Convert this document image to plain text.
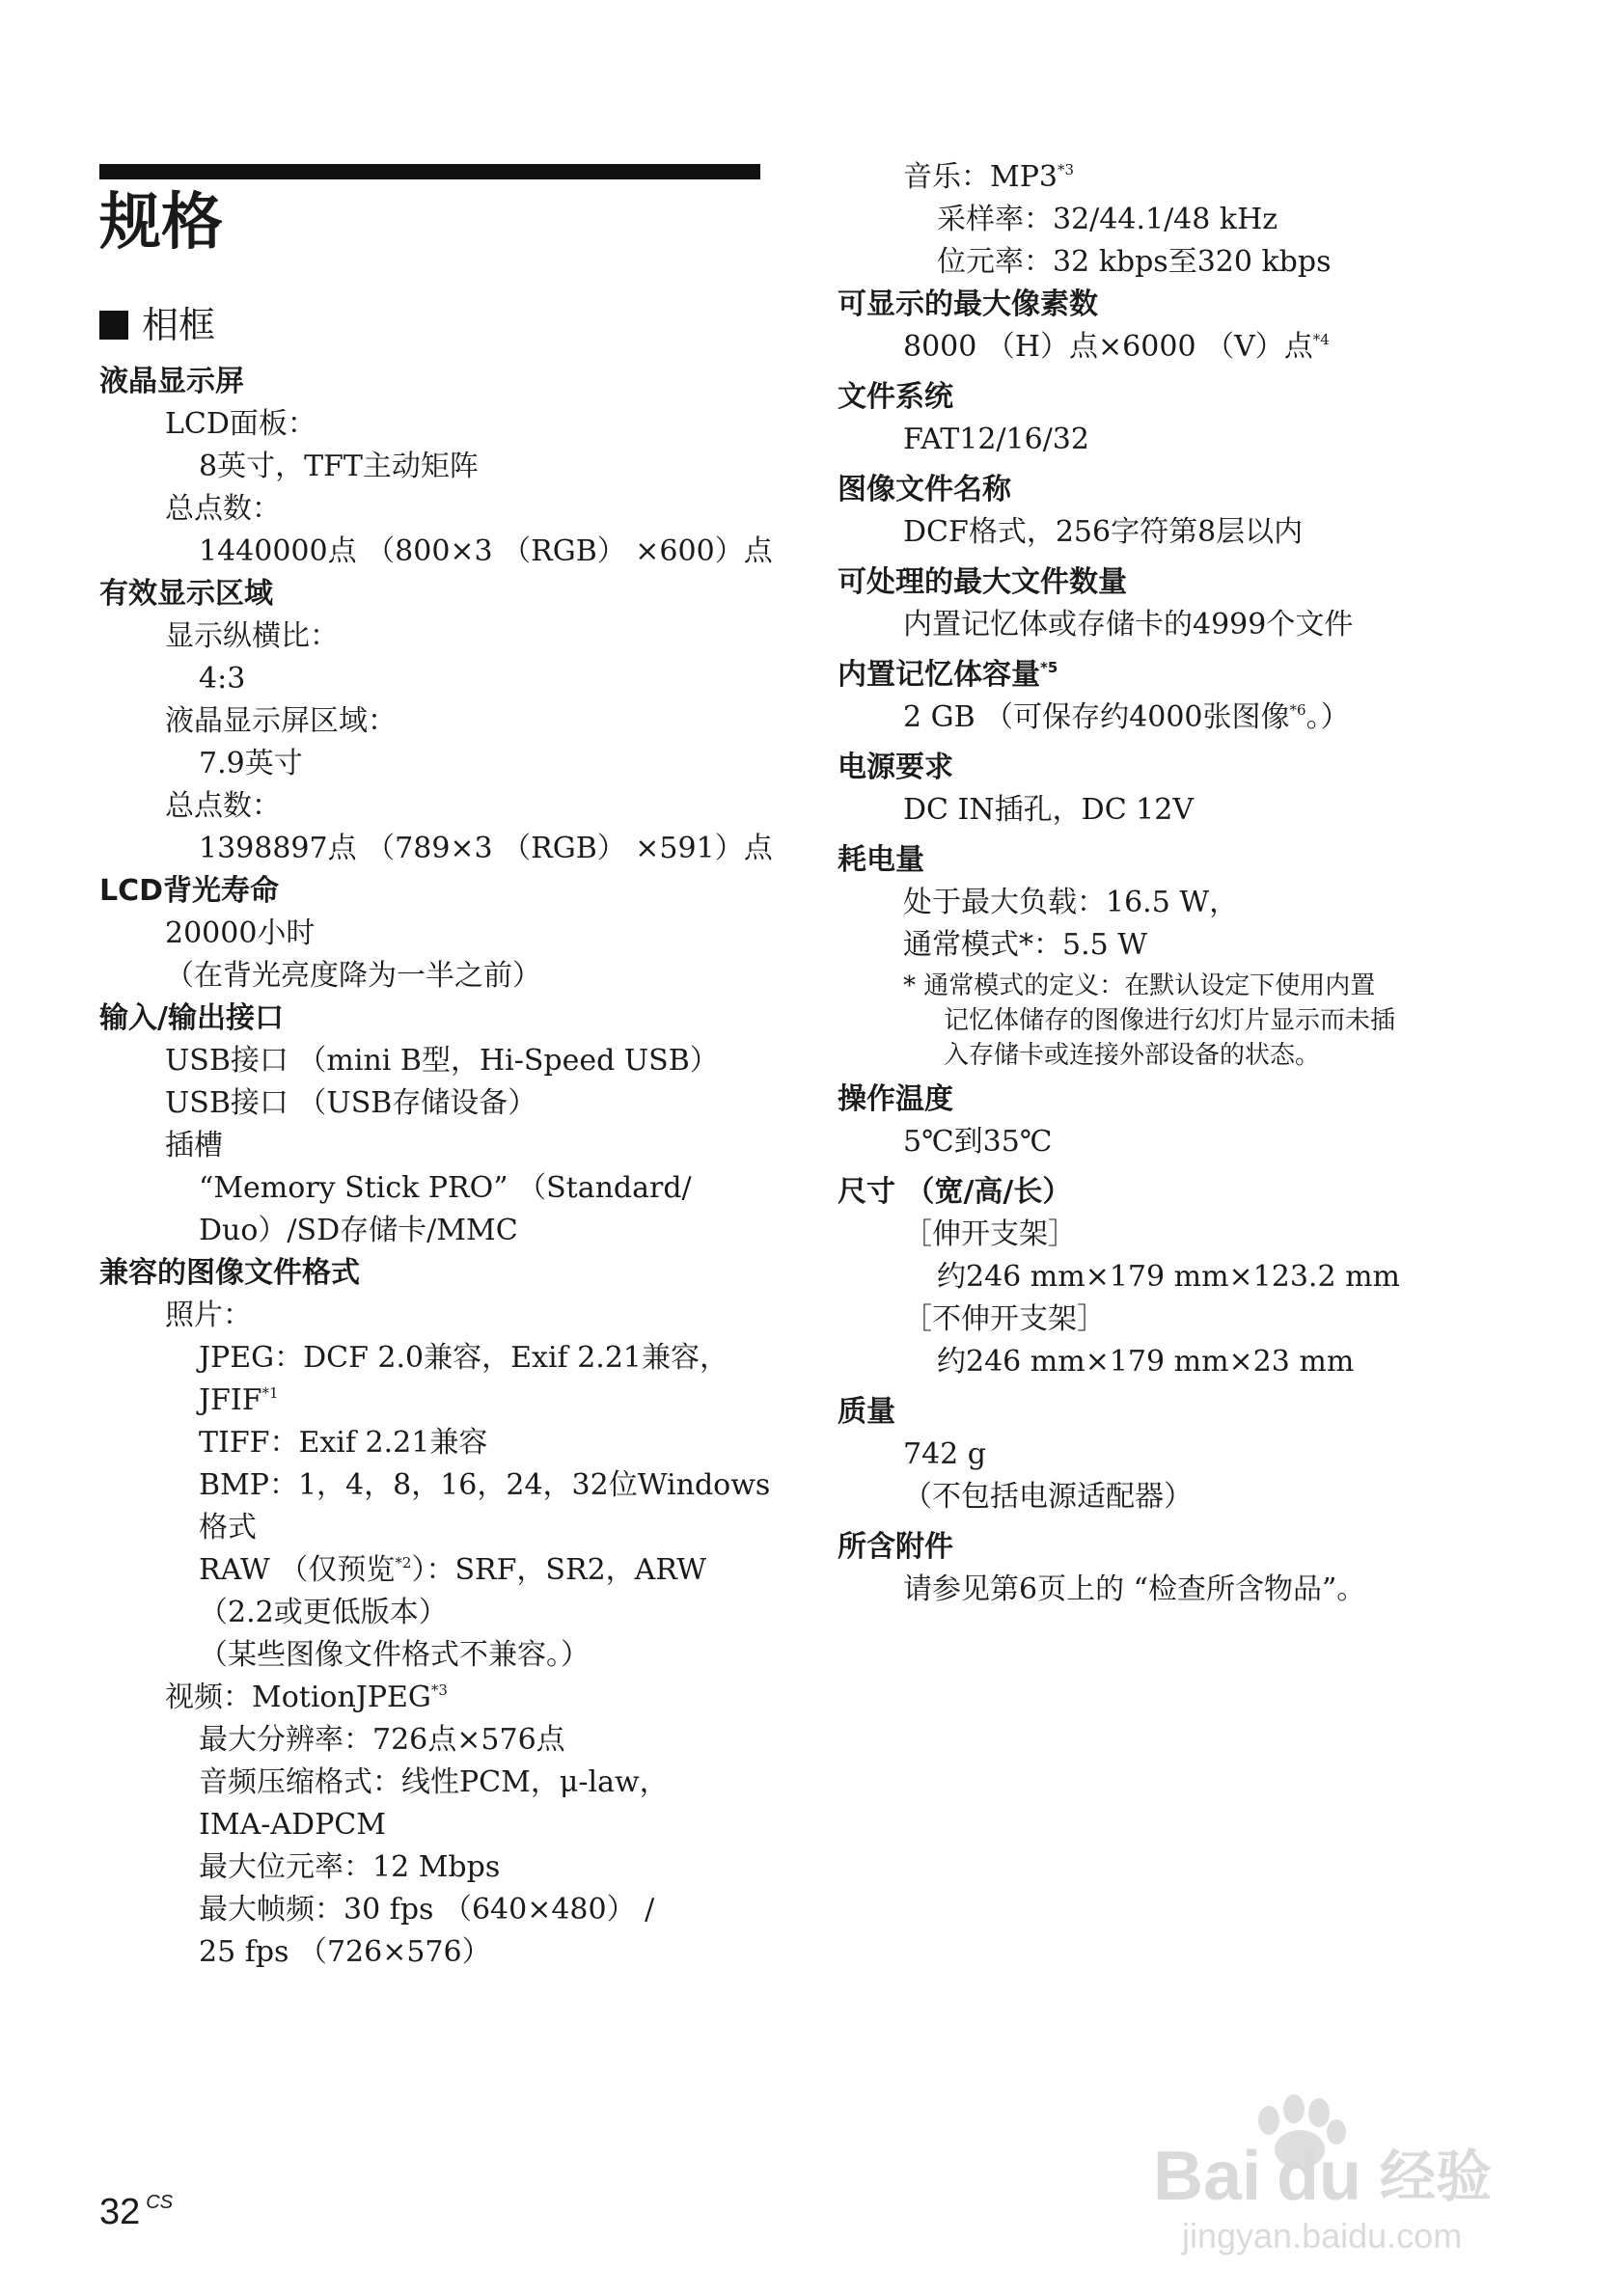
规格
相框
液晶显示屏
LCD面板：
8英寸，TFT主动矩阵
总点数：
1440000点 （800×3 （RGB） ×600）点
有效显示区域
显示纵横比：
4:3
液晶显示屏区域：
7.9英寸
总点数：
1398897点 （789×3 （RGB） ×591）点
LCD背光寿命
20000小时
（在背光亮度降为一半之前）
输入/输出接口
USB接口 （mini B型，Hi-Speed USB）
USB接口 （USB存储设备）
插槽
“Memory Stick PRO” （Standard/
Duo）/SD存储卡/MMC
兼容的图像文件格式
照片：
JPEG：DCF 2.0兼容，Exif 2.21兼容，
JFIF$^{*1}$
TIFF：Exif 2.21兼容
BMP：1，4，8，16，24，32位Windows
格式
RAW （仅预览$^{*2}$）：SRF，SR2，ARW
（2.2或更低版本）
（某些图像文件格式不兼容。）
视频：MotionJPEG$^{*3}$
最大分辨率：726点×576点
音频压缩格式：线性PCM，μ-law，
IMA-ADPCM
最大位元率：12 Mbps
最大帧频：30 fps （640×480） /
25 fps （726×576）
音乐：MP3$^{*3}$
采样率：32/44.1/48 kHz
位元率：32 kbps至320 kbps
可显示的最大像素数
8000 （H）点×6000 （V）点$^{*4}$
文件系统
FAT12/16/32
图像文件名称
DCF格式，256字符第8层以内
可处理的最大文件数量
内置记忆体或存储卡的4999个文件
内置记忆体容量$^{*5}$
2 GB （可保存约4000张图像$^{*6}$。）
电源要求
DC IN插孔，DC 12V
耗电量
处于最大负载：16.5 W，
通常模式*：5.5 W
* 通常模式的定义：在默认设定下使用内置
记忆体储存的图像进行幻灯片显示而未插
入存储卡或连接外部设备的状态。
操作温度
5℃到35℃
尺寸 （宽/高/长）
［伸开支架］
约246 mm×179 mm×123.2 mm
［不伸开支架］
约246 mm×179 mm×23 mm
质量
742 g
（不包括电源适配器）
所含附件
请参见第6页上的 “检查所含物品”。
32 $^{CS}$	Bai du 经验
jingyan.baidu.com
